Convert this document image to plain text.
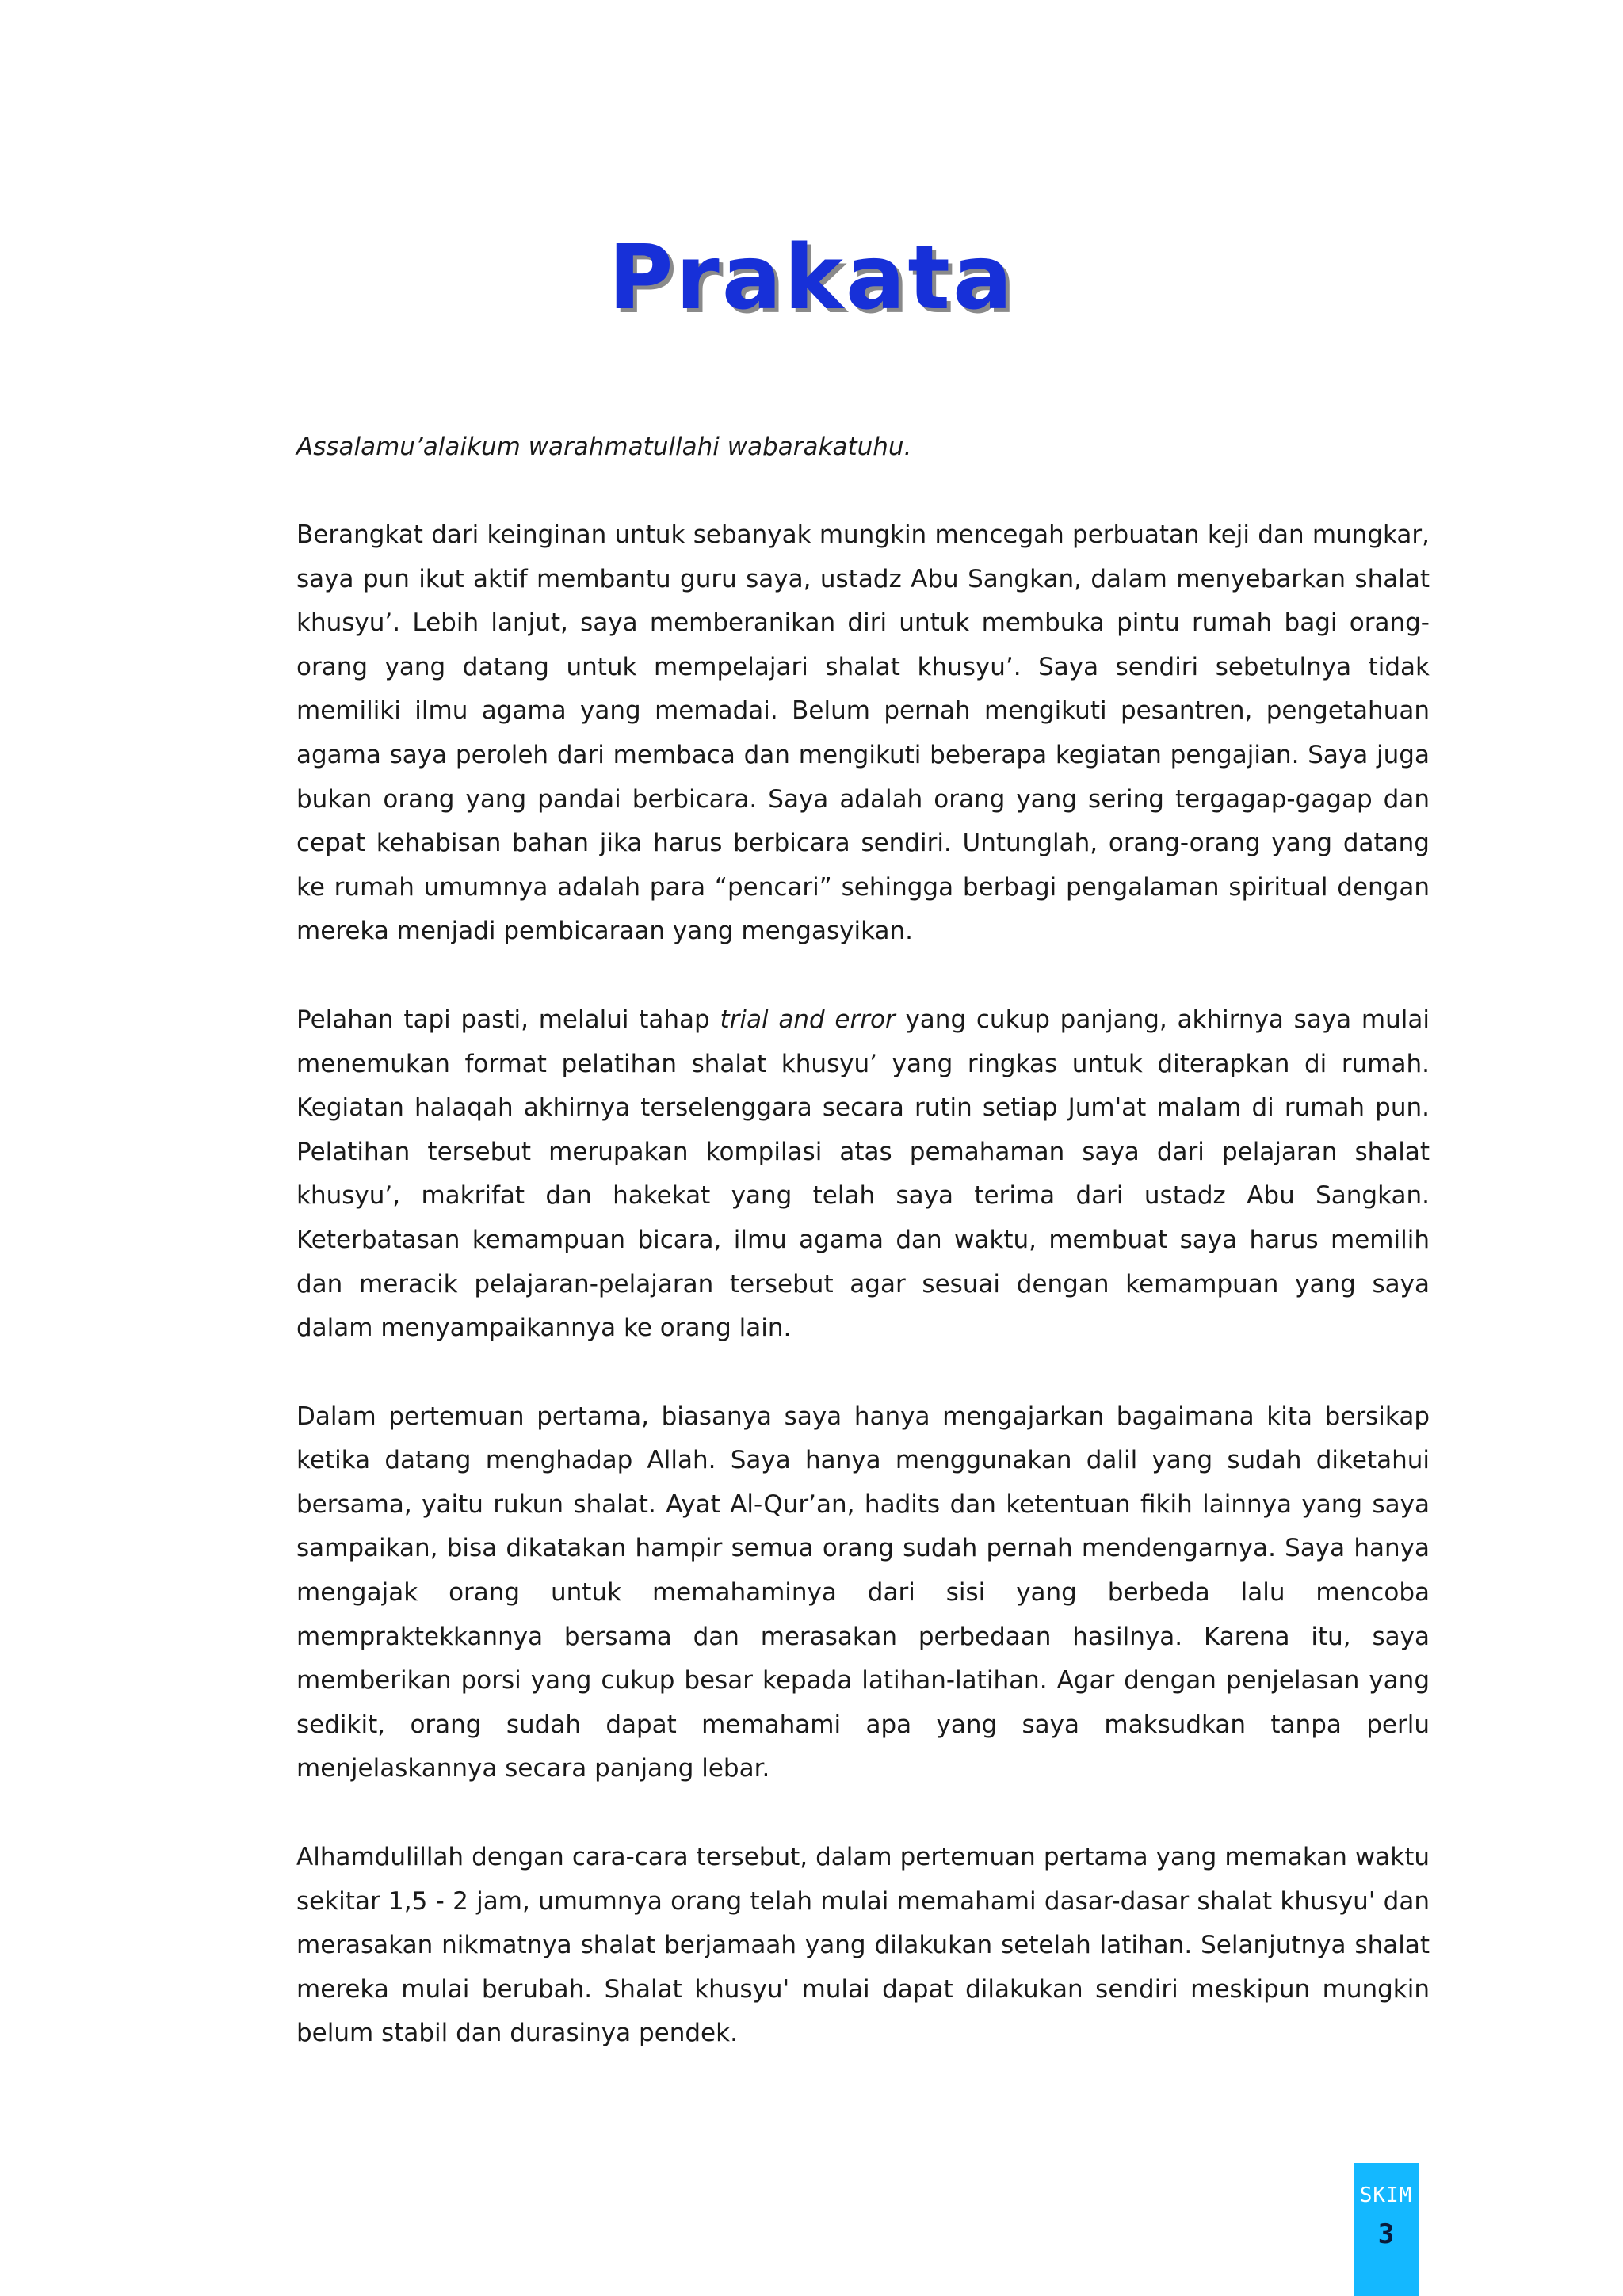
Prakata

Assalamu’alaikum warahmatullahi wabarakatuhu.

Berangkat dari keinginan untuk sebanyak mungkin mencegah perbuatan keji dan mungkar, saya pun ikut aktif membantu guru saya, ustadz Abu Sangkan, dalam menyebarkan shalat khusyu’. Lebih lanjut, saya memberanikan diri untuk membuka pintu rumah bagi orang-orang yang datang untuk mempelajari shalat khusyu’. Saya sendiri sebetulnya tidak memiliki ilmu agama yang memadai. Belum pernah mengikuti pesantren, pengetahuan agama saya peroleh dari membaca dan mengikuti beberapa kegiatan pengajian. Saya juga bukan orang yang pandai berbicara. Saya adalah orang yang sering tergagap-gagap dan cepat kehabisan bahan jika harus berbicara sendiri. Untunglah, orang-orang yang datang ke rumah umumnya adalah para “pencari” sehingga berbagi pengalaman spiritual dengan mereka menjadi pembicaraan yang mengasyikan.

Pelahan tapi pasti, melalui tahap trial and error yang cukup panjang, akhirnya saya mulai menemukan format pelatihan shalat khusyu’ yang ringkas untuk diterapkan di rumah. Kegiatan halaqah akhirnya terselenggara secara rutin setiap Jum'at malam di rumah pun. Pelatihan tersebut merupakan kompilasi atas pemahaman saya dari pelajaran shalat khusyu’, makrifat dan hakekat yang telah saya terima dari ustadz Abu Sangkan. Keterbatasan kemampuan bicara, ilmu agama dan waktu, membuat saya harus memilih dan meracik pelajaran-pelajaran tersebut agar sesuai dengan kemampuan yang saya dalam menyampaikannya ke orang lain.

Dalam pertemuan pertama, biasanya saya hanya mengajarkan bagaimana kita bersikap ketika datang menghadap Allah. Saya hanya menggunakan dalil yang sudah diketahui bersama, yaitu rukun shalat. Ayat Al-Qur’an, hadits dan ketentuan fikih lainnya yang saya sampaikan, bisa dikatakan hampir semua orang sudah pernah mendengarnya. Saya hanya mengajak orang untuk memahaminya dari sisi yang berbeda lalu mencoba mempraktekkannya bersama dan merasakan perbedaan hasilnya. Karena itu, saya memberikan porsi yang cukup besar kepada latihan-latihan. Agar dengan penjelasan yang sedikit, orang sudah dapat memahami apa yang saya maksudkan tanpa perlu menjelaskannya secara panjang lebar.

Alhamdulillah dengan cara-cara tersebut, dalam pertemuan pertama yang memakan waktu sekitar 1,5 - 2 jam, umumnya orang telah mulai memahami dasar-dasar shalat khusyu' dan merasakan nikmatnya shalat berjamaah yang dilakukan setelah latihan. Selanjutnya shalat mereka mulai berubah. Shalat khusyu' mulai dapat dilakukan sendiri meskipun mungkin belum stabil dan durasinya pendek.

SKIM
3
